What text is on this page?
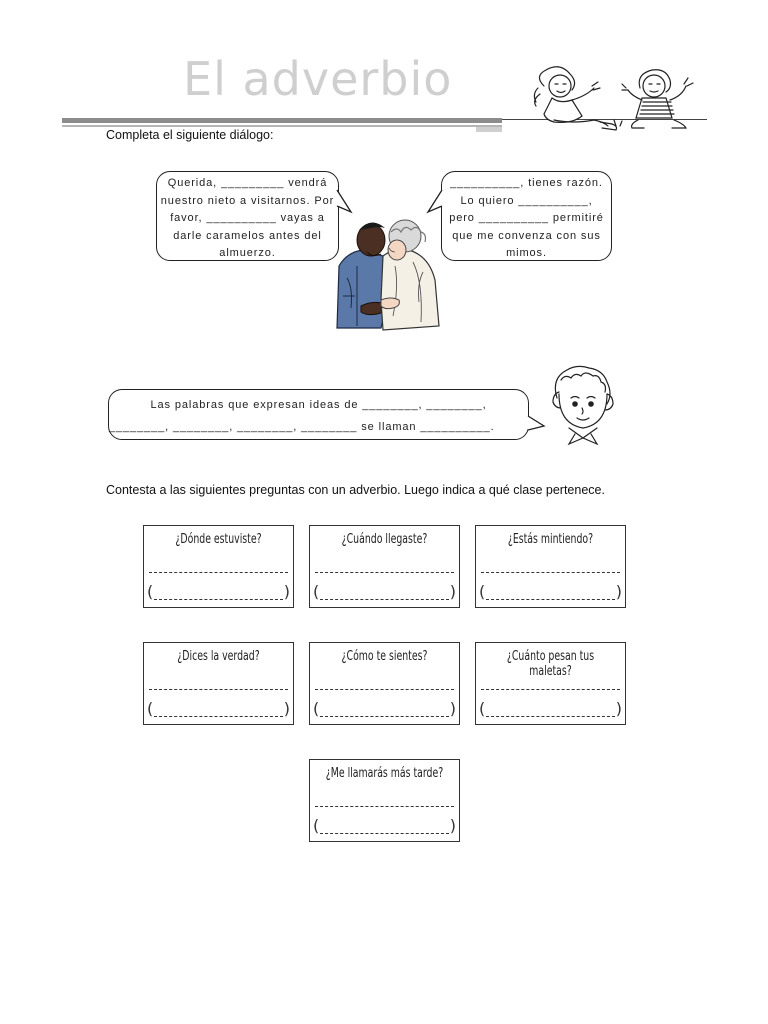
El adverbio
Completa el siguiente diálogo:
Querida, _________ vendrá
nuestro nieto a visitarnos. Por
favor, __________ vayas a
darle caramelos antes del
almuerzo.
__________, tienes razón.
Lo quiero __________,
pero __________ permitiré
que me convenza con sus
mimos.
Las palabras que expresan ideas de ________, ________,
________, ________, ________, ________ se llaman __________.
Contesta a las siguientes preguntas con un adverbio. Luego indica a qué clase pertenece.
¿Dónde estuviste?
(	)
¿Cuándo llegaste?
(	)
¿Estás mintiendo?
(	)
¿Dices la verdad?
(	)
¿Cómo te sientes?
(	)
¿Cuánto pesan tus maletas?
(	)
¿Me llamarás más tarde?
(	)
